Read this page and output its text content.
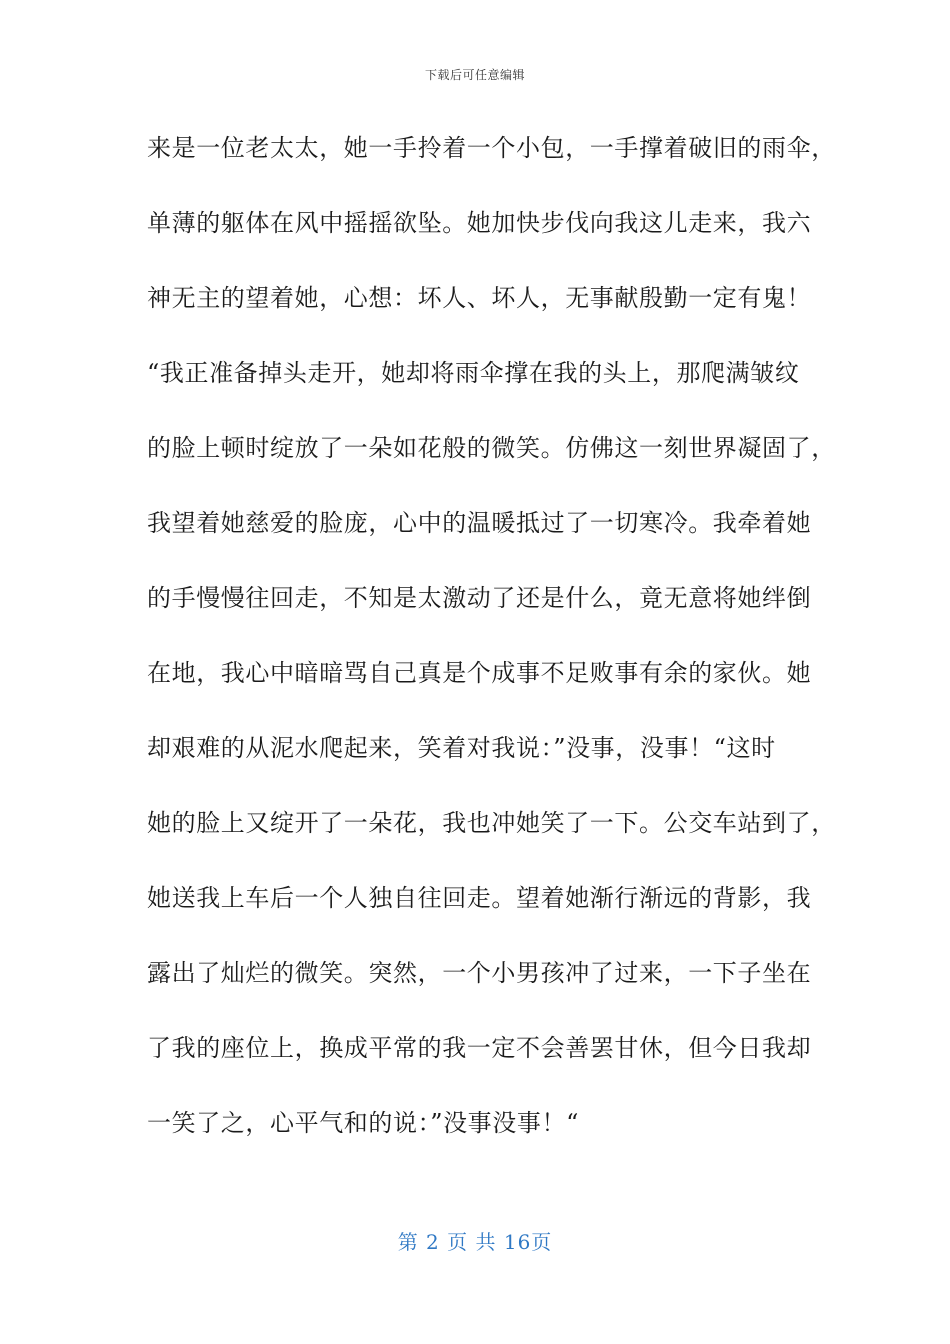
下载后可任意编辑
来是一位老太太，她一手拎着一个小包，一手撑着破旧的雨伞，
单薄的躯体在风中摇摇欲坠。她加快步伐向我这儿走来，我六
神无主的望着她，心想：坏人、坏人，无事献殷勤一定有鬼！
“我正准备掉头走开，她却将雨伞撑在我的头上，那爬满皱纹
的脸上顿时绽放了一朵如花般的微笑。仿佛这一刻世界凝固了，
我望着她慈爱的脸庞，心中的温暖抵过了一切寒冷。我牵着她
的手慢慢往回走，不知是太激动了还是什么，竟无意将她绊倒
在地，我心中暗暗骂自己真是个成事不足败事有余的家伙。她
却艰难的从泥水爬起来，笑着对我说：”没事，没事！“这时
她的脸上又绽开了一朵花，我也冲她笑了一下。公交车站到了，
她送我上车后一个人独自往回走。望着她渐行渐远的背影，我
露出了灿烂的微笑。突然，一个小男孩冲了过来，一下子坐在
了我的座位上，换成平常的我一定不会善罢甘休，但今日我却
一笑了之，心平气和的说：”没事没事！“
第 2 页 共 16页
